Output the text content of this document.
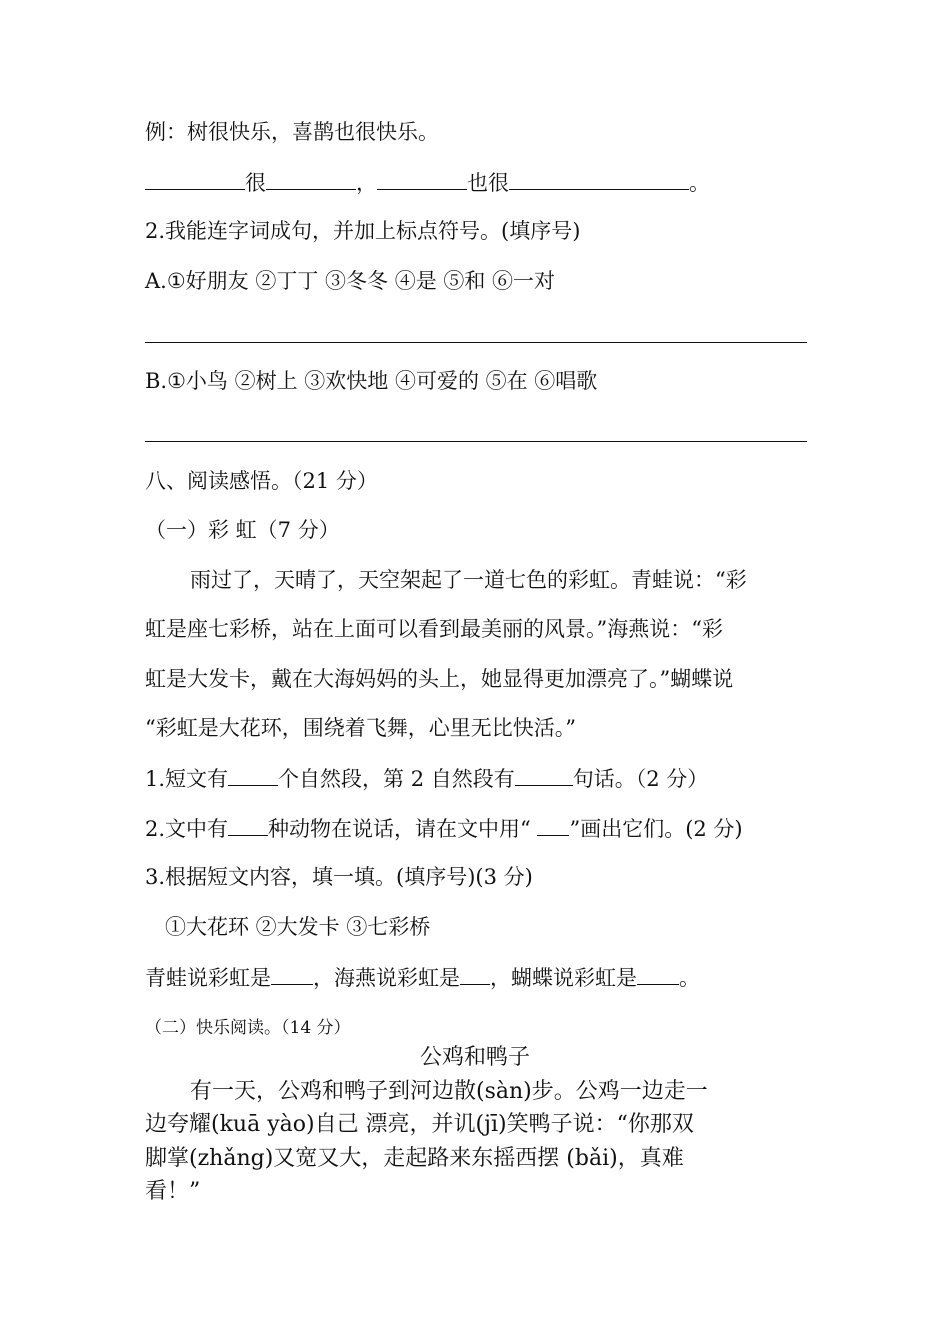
例：树很快乐，喜鹊也很快乐。
很	，	也很	。
2.我能连字词成句，并加上标点符号。(填序号)
A.①好朋友 ②丁丁 ③冬冬 ④是 ⑤和 ⑥一对
B.①小鸟 ②树上 ③欢快地 ④可爱的 ⑤在 ⑥唱歌
八、阅读感悟。（21 分）
（一）彩 虹（7 分）
雨过了，天晴了，天空架起了一道七色的彩虹。青蛙说：“彩
虹是座七彩桥，站在上面可以看到最美丽的风景。”海燕说：“彩
虹是大发卡，戴在大海妈妈的头上，她显得更加漂亮了。”蝴蝶说
“彩虹是大花环，围绕着飞舞，心里无比快活。”
1.短文有 个自然段，第 2 自然段有	句话。（2 分）
2.文中有 种动物在说话，请在文中用“ ”画出它们。(2 分)
3.根据短文内容，填一填。(填序号)(3 分)
①大花环 ②大发卡 ③七彩桥
青蛙说彩虹是 ，海燕说彩虹是 ，蝴蝶说彩虹是 。
（二）快乐阅读。（14 分）
公鸡和鸭子
有一天，公鸡和鸭子到河边散(sàn)步。公鸡一边走一
边夸耀(kuā yào)自己 漂亮，并讥(jī)笑鸭子说：“你那双
脚掌(zhǎng)又宽又大，走起路来东摇西摆 (bǎi)，真难
看！”
